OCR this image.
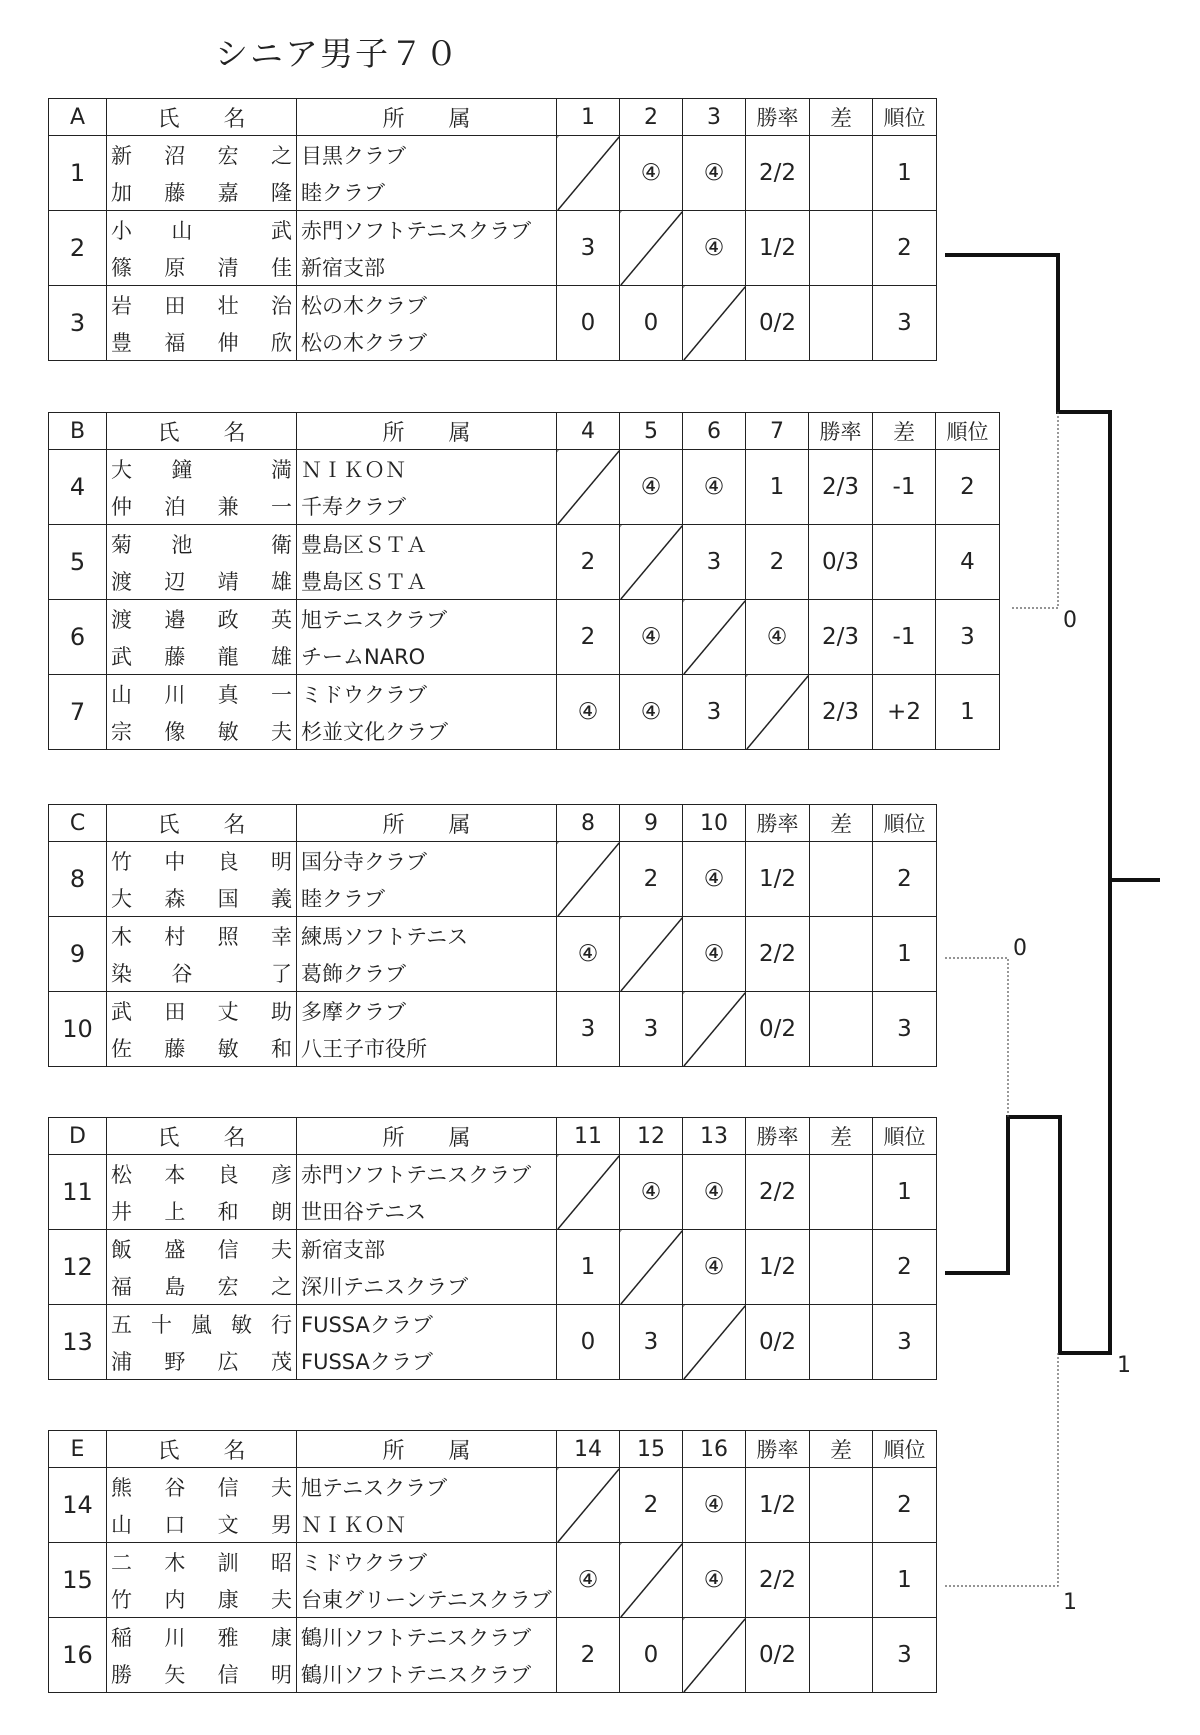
シニア男子７０
A	氏　　名	所　　属	1	2	3	勝率	差	順位
1	新 沼 宏 之	目黒クラブ		④	④	2/2		1

	加 藤 嘉 隆	睦クラブ						
2	小 山 武	赤門ソフトテニスクラブ	3		④	1/2		2

	篠 原 清 佳	新宿支部						
3	岩 田 壮 治	松の木クラブ	0	0		0/2		3

	豊 福 伸 欣	松の木クラブ						
B	氏　　名	所　　属	4	5	6	7	勝率	差	順位
4	大 鐘 満	ＮＩＫＯＮ		④	④	1	2/3	-1	2

	仲 泊 兼 一	千寿クラブ							
5	菊 池 衛	豊島区ＳＴＡ	2		3	2	0/3		4

	渡 辺 靖 雄	豊島区ＳＴＡ							
6	渡 邉 政 英	旭テニスクラブ	2	④		④	2/3	-1	3

	武 藤 龍 雄	チームNARO							
7	山 川 真 一	ミドウクラブ	④	④	3		2/3	+2	1

	宗 像 敏 夫	杉並文化クラブ							
C	氏　　名	所　　属	8	9	10	勝率	差	順位
8	竹 中 良 明	国分寺クラブ		2	④	1/2		2

	大 森 国 義	睦クラブ						
9	木 村 照 幸	練馬ソフトテニス	④		④	2/2		1

	染 谷 了	葛飾クラブ						
10	武 田 丈 助	多摩クラブ	3	3		0/2		3

	佐 藤 敏 和	八王子市役所						
D	氏　　名	所　　属	11	12	13	勝率	差	順位
11	松 本 良 彦	赤門ソフトテニスクラブ		④	④	2/2		1

	井 上 和 朗	世田谷テニス						
12	飯 盛 信 夫	新宿支部	1		④	1/2		2

	福 島 宏 之	深川テニスクラブ						
13	五 十 嵐 敏 行	FUSSAクラブ	0	3		0/2		3

	浦 野 広 茂	FUSSAクラブ						
E	氏　　名	所　　属	14	15	16	勝率	差	順位
14	熊 谷 信 夫	旭テニスクラブ		2	④	1/2		2

	山 口 文 男	ＮＩＫＯＮ						
15	二 木 訓 昭	ミドウクラブ	④		④	2/2		1

	竹 内 康 夫	台東グリーンテニスクラブ						
16	稲 川 雅 康	鶴川ソフトテニスクラブ	2	0		0/2		3

	勝 矢 信 明	鶴川ソフトテニスクラブ						
0
0
1
1
